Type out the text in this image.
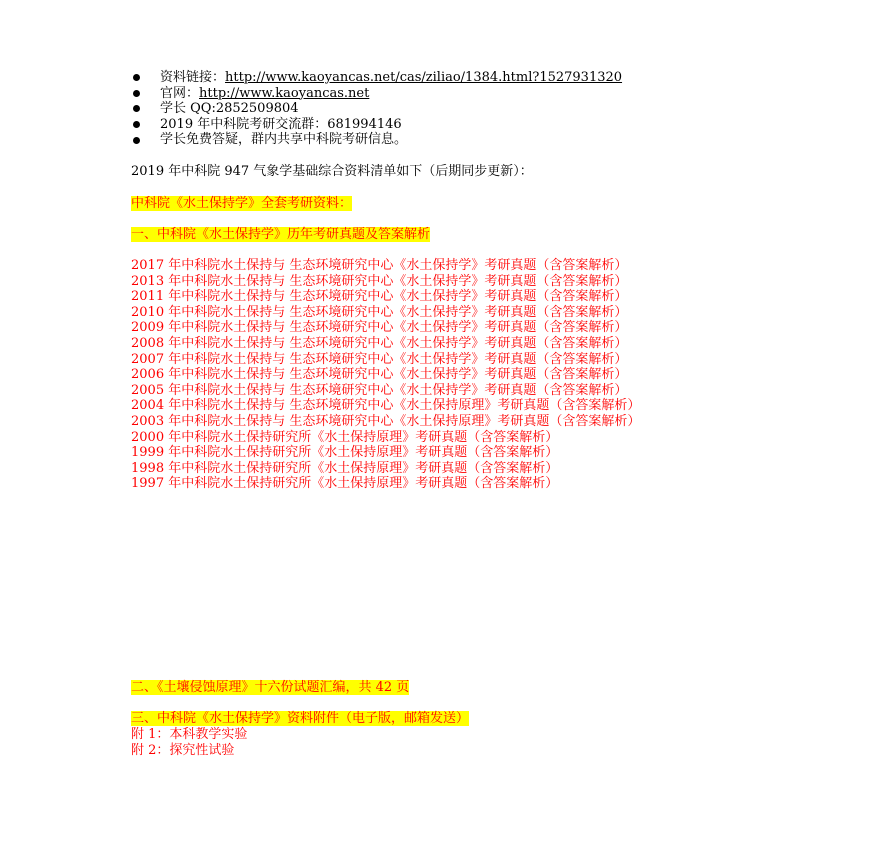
资料链接： http://www.kaoyancas.net/cas/ziliao/1384.html?1527931320
官网： http://www.kaoyancas.net
学长 QQ: 2852509804
2019 年中科院考研交流群： 681994146
学长免费答疑，群内共享中科院考研信息。
2019 年中科院 947 气象学基础综合资料清单如下（后期同步更新）：
中科院《水土保持学》全套考研资料：
一、中科院《水土保持学》历年考研真题及答案解析
2017 年中科院水土保持与 生态环境研究中心《水土保持学》考研真题（含答案解析）
2013 年中科院水土保持与 生态环境研究中心《水土保持学》考研真题（含答案解析）
2011 年中科院水土保持与 生态环境研究中心《水土保持学》考研真题（含答案解析）
2010 年中科院水土保持与 生态环境研究中心《水土保持学》考研真题（含答案解析）
2009 年中科院水土保持与 生态环境研究中心《水土保持学》考研真题（含答案解析）
2008 年中科院水土保持与 生态环境研究中心《水土保持学》考研真题（含答案解析）
2007 年中科院水土保持与 生态环境研究中心《水土保持学》考研真题（含答案解析）
2006 年中科院水土保持与 生态环境研究中心《水土保持学》考研真题（含答案解析）
2005 年中科院水土保持与 生态环境研究中心《水土保持学》考研真题（含答案解析）
2004 年中科院水土保持与 生态环境研究中心《水土保持原理》考研真题（含答案解析）
2003 年中科院水土保持与 生态环境研究中心《水土保持原理》考研真题（含答案解析）
2000 年中科院水土保持研究所《水土保持原理》考研真题（含答案解析）
1999 年中科院水土保持研究所《水土保持原理》考研真题（含答案解析）
1998 年中科院水土保持研究所《水土保持原理》考研真题（含答案解析）
1997 年中科院水土保持研究所《水土保持原理》考研真题（含答案解析）
二、《土壤侵蚀原理》十六份试题汇编，共 42 页
三、中科院《水土保持学》资料附件（电子版，邮箱发送）
附 1：本科教学实验
附 2：探究性试验
